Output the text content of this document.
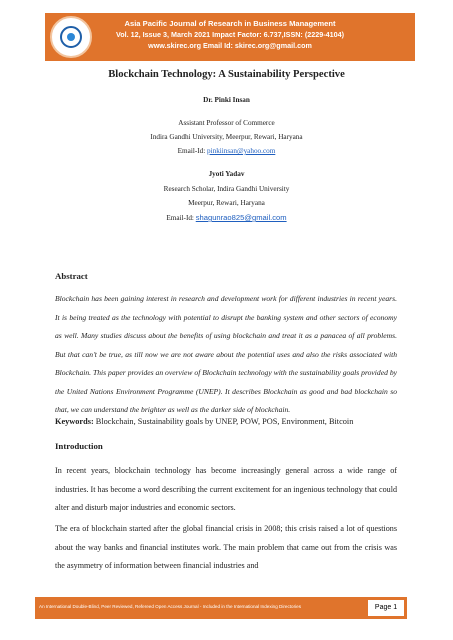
Asia Pacific Journal of Research in Business Management
Vol. 12, Issue 3, March 2021 Impact Factor: 6.737,ISSN: (2229-4104)
www.skirec.org Email Id: skirec.org@gmail.com
Blockchain Technology: A Sustainability Perspective
Dr. Pinki Insan
Assistant Professor of Commerce
Indira Gandhi University, Meerpur, Rewari, Haryana
Email-Id: pinkiinsan@yahoo.com
Jyoti Yadav
Research Scholar, Indira Gandhi University
Meerpur, Rewari, Haryana
Email-Id: shagunrao825@gmail.com
Abstract
Blockchain has been gaining interest in research and development work for different industries in recent years. It is being treated as the technology with potential to disrupt the banking system and other sectors of economy as well. Many studies discuss about the benefits of using blockchain and treat it as a panacea of all problems. But that can’t be true, as till now we are not aware about the potential uses and also the risks associated with Blockchain. This paper provides an overview of Blockchain technology with the sustainability goals provided by the United Nations Environment Programme (UNEP). It describes Blockchain as good and bad blockchain so that, we can understand the brighter as well as the darker side of blockchain.
Keywords: Blockchain, Sustainability goals by UNEP, POW, POS, Environment, Bitcoin
Introduction
In recent years, blockchain technology has become increasingly general across a wide range of industries. It has become a word describing the current excitement for an ingenious technology that could alter and disturb major industries and economic sectors.
The era of blockchain started after the global financial crisis in 2008; this crisis raised a lot of questions about the way banks and financial institutes work. The main problem that came out from the crisis was the asymmetry of information between financial industries and
An International Double-Blind, Peer Reviewed, Refereed Open Access Journal - Included in the International Indexing Directories	Page 1
